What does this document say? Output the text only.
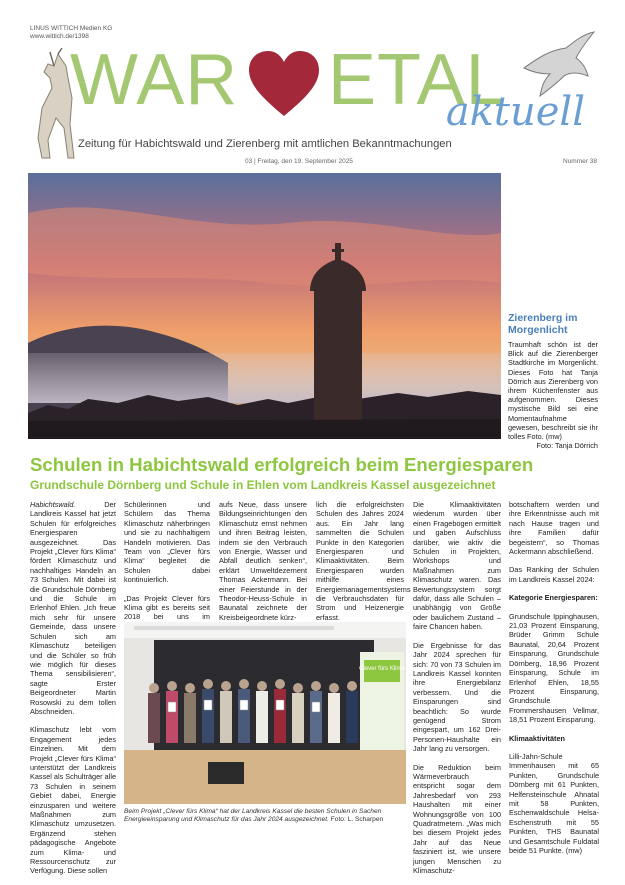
LINUS WITTICH Medien KG
www.wittich.de/1398
WAR ETAL
aktuell
Zeitung für Habichtswald und Zierenberg mit amtlichen Bekanntmachungen
03 | Freitag, den 19. September 2025	Nummer 38
Zierenberg im Morgenlicht
Traumhaft schön ist der Blick auf die Zierenberger Stadtkirche im Morgenlicht. Dieses Foto hat Tanja Dörrich aus Zierenberg von ihrem Küchenfenster aus aufgenommen. Dieses mystische Bild sei eine Momentaufnahme gewesen, beschreibt sie ihr tolles Foto. (mw)
Foto: Tanja Dörrich
Schulen in Habichtswald erfolgreich beim Energiesparen
Grundschule Dörnberg und Schule in Ehlen vom Landkreis Kassel ausgezeichnet

Habichtswald.	Der Landkreis Kassel hat jetzt Schulen für erfolgreiches Energiesparen ausgezeichnet. Das Projekt „Clever fürs Klima“ fördert Klimaschutz und nachhaltiges Handeln an 73 Schulen. Mit dabei ist die Grundschule Dörnberg und die Schule im Erlenhof Ehlen. „Ich freue mich sehr für unsere Gemeinde, dass unsere Schulen sich am Klimaschutz beteiligen und die Schüler so früh wie möglich für dieses Thema sensibilisieren“, sagte Erster Beigeordneter Martin Rosowski zu dem tollen Abschneiden.

Klimaschutz lebt vom Engagement jedes Einzelnen. Mit dem Projekt „Clever fürs Klima“ unterstützt der Landkreis Kassel als Schulträger alle 73 Schulen in seinem Gebiet dabei, Energie einzusparen und weitere Maßnahmen zum Klimaschutz umzusetzen. Ergänzend stehen pädagogische Angebote zum Klima- und Ressourcenschutz zur Verfügung. Diese sollen

Schülerinnen und Schülern das Thema Klimaschutz näherbringen und sie zu nachhaltigem Handeln motivieren. Das Team von „Clever fürs Klima“ begleitet die Schulen dabei kontinuierlich.

„Das Projekt Clever fürs Klima gibt es bereits seit 2018 bei uns im

aufs Neue, dass unsere Bildungseinrichtungen den Klimaschutz ernst nehmen und ihren Beitrag leisten, indem sie den Verbrauch von Energie, Wasser und Abfall deutlich senken“, erklärt Umweltdezernent Thomas Ackermann. Bei einer Feierstunde in der Theodor-Heuss-Schule in Baunatal zeichnete der Kreisbeigeordnete kürz-

lich die erfolgreichsten Schulen des Jahres 2024 aus. Ein Jahr lang sammelten die Schulen Punkte in den Kategorien Energiesparen und Klimaaktivitäten. Beim Energiesparen wurden mithilfe eines Energiemanagementsystems die Verbrauchsdaten für Strom und Heizenergie erfasst.

Die Klimaaktivitäten wiederum wurden über einen Fragebogen ermittelt und gaben Aufschluss darüber, wie aktiv die Schulen in Projekten, Workshops und Maßnahmen zum Klimaschutz waren. Das Bewertungssystem sorgt dafür, dass alle Schulen – unabhängig von Größe oder baulichem Zustand – faire Chancen haben.

Die Ergebnisse für das Jahr 2024 sprechen für sich: 70 von 73 Schulen im Landkreis Kassel konnten ihre Energiebilanz verbessern. Und die Einsparungen sind beachtlich: So wurde genügend Strom eingespart, um 162 Drei-Personen-Haushalte ein Jahr lang zu versorgen.

Die Reduktion beim Wärmeverbrauch entspricht sogar dem Jahresbedarf von 293 Haushalten mit einer Wohnungsgröße von 100 Quadratmetern. „Was mich bei diesem Projekt jedes Jahr auf das Neue fasziniert ist, wie unsere jungen Menschen zu Klimaschutz-

botschaftern werden und ihre Erkenntnisse auch mit nach Hause tragen und ihre Familien dafür begeistern“, so Thomas Ackermann abschließend.

Das Ranking der Schulen im Landkreis Kassel 2024:

Kategorie Energiesparen:

Grundschule Ippinghausen, 21,03 Prozent Einsparung, Brüder Grimm Schule Baunatal, 20,64 Prozent Einsparung, Grundschule Dörnberg, 18,96 Prozent Einsparung, Schule im Erlenhof Ehlen, 18,55 Prozent Einsparung, Grundschule Frommershausen Vellmar, 18,51 Prozent Einsparung.

Klimaaktivitäten

Lilli-Jahn-Schule Immenhausen mit 65 Punkten, Grundschule Dörnberg mit 61 Punkten, Helfensteinschule Ahnatal mit 58 Punkten, Eschenwaldschule Helsa-Eschenstruth mit 55 Punkten, THS Baunatal und Gesamtschule Fuldatal beide 51 Punkte. (mw)

Clever fürs Klima
Beim Projekt „Clever fürs Klima“ hat der Landkreis Kassel die besten Schulen in Sachen Energieeinsparung und Klimaschutz für das Jahr 2024 ausgezeichnet. Foto: L. Scharpen
